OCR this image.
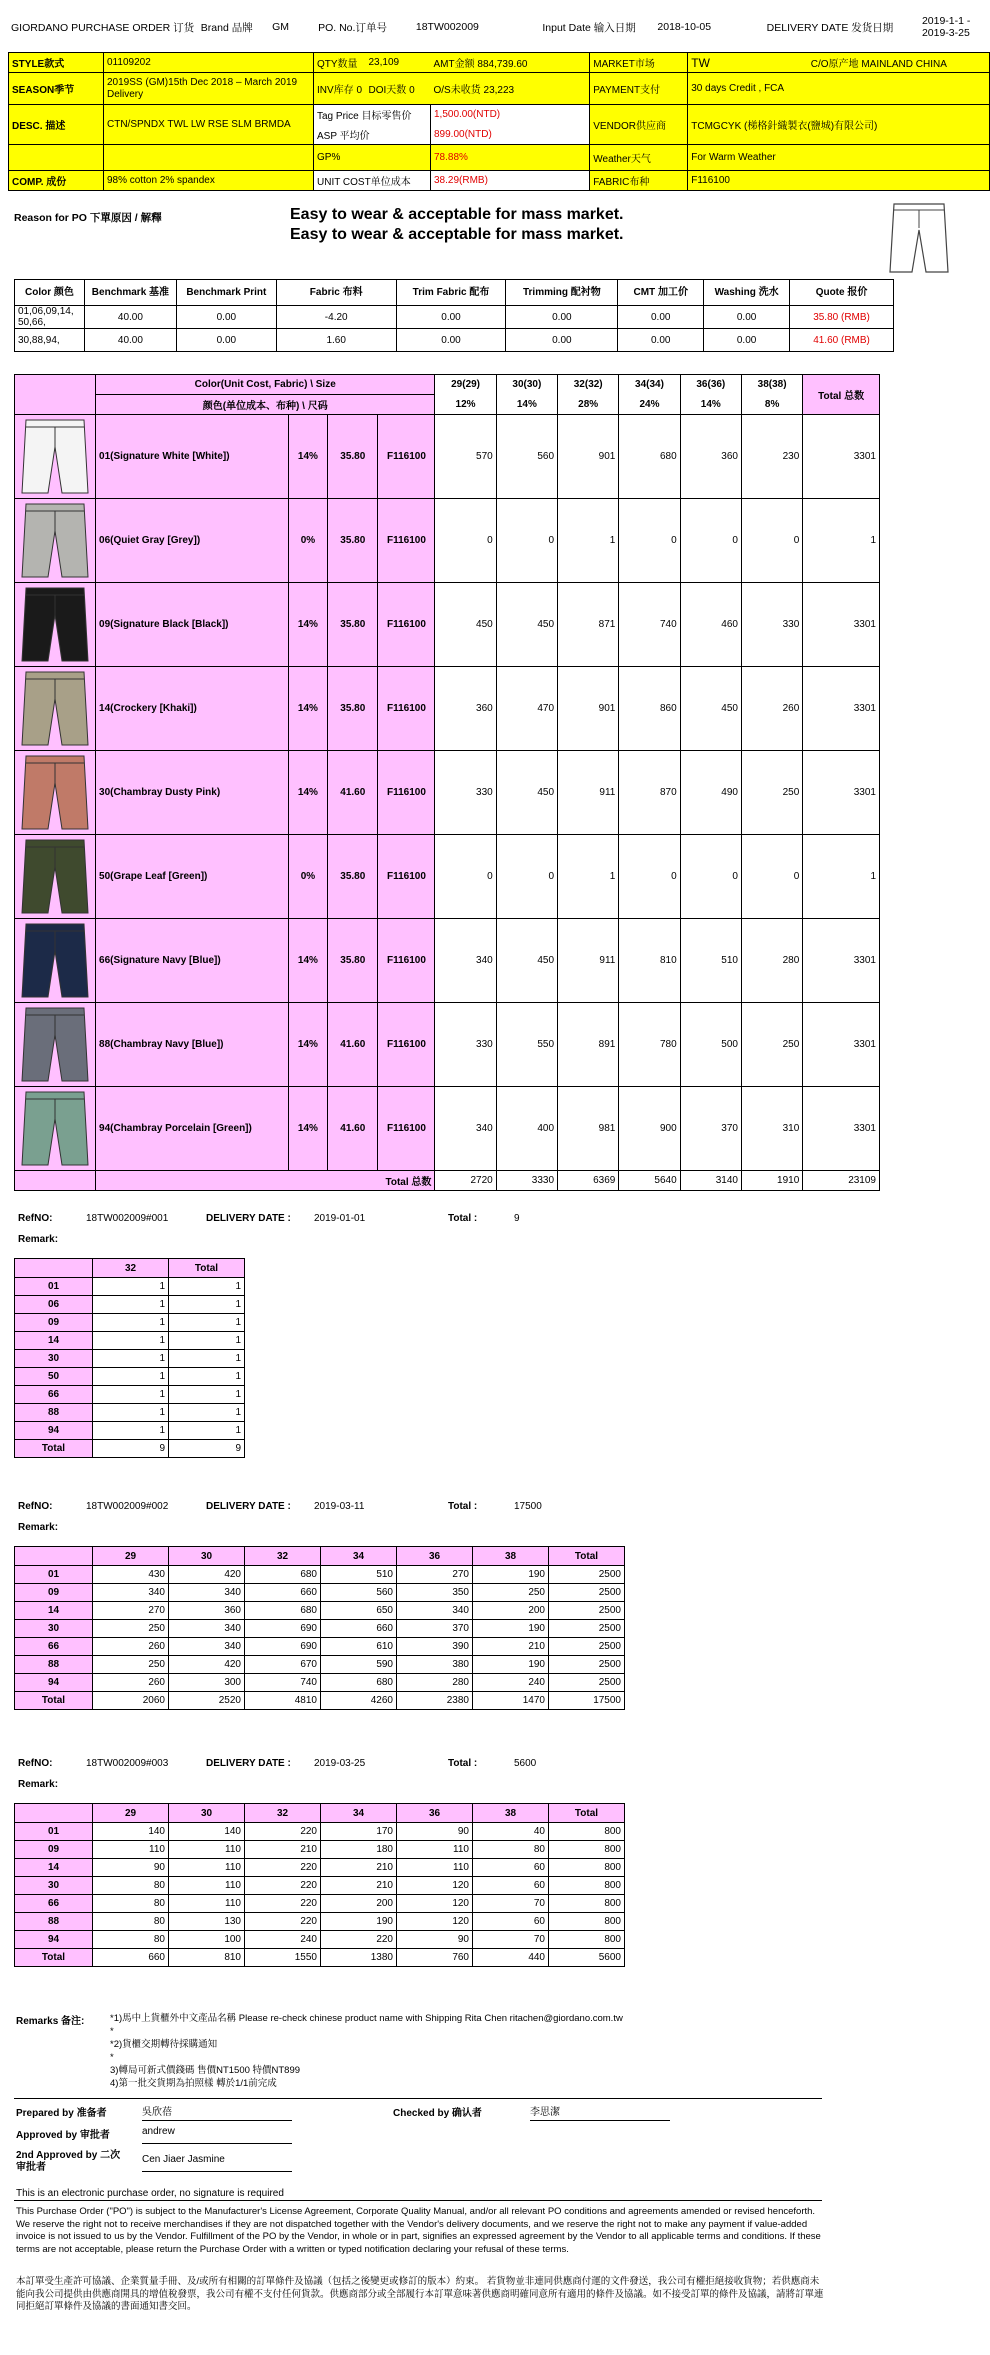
GIORDANO PURCHASE ORDER 订货	Brand 品牌	GM	PO. No.订单号	18TW002009	Input Date 输入日期	2018-10-05	DELIVERY DATE 发货日期	2019-1-1 - 2019-3-25
STYLE款式	01109202	QTY数量	23,109	AMT金额 884,739.60	MARKET市场	TW	C/O原产地 MAINLAND CHINA
SEASON季节	2019SS (GM)15th Dec 2018 – March 2019 Delivery	INV库存 0	DOI天数 0	O/S未收货 23,223	PAYMENT支付	30 days Credit , FCA	
DESC. 描述	CTN/SPNDX TWL LW RSE SLM BRMDA	Tag Price 目标零售价		1,500.00(NTD)	VENDOR供应商	TCMGCYK (梯格針織製衣(鹽城)有限公司)	
		ASP 平均价		899.00(NTD)			
		GP%		78.88%	Weather天气	For Warm Weather	
COMP. 成份	98% cotton 2% spandex	UNIT COST单位成本		38.29(RMB)	FABRIC布种	F116100	
Reason for PO 下單原因 / 解釋	Easy to wear & acceptable for mass market.
Easy to wear & acceptable for mass market.
Color 颜色	Benchmark 基准	Benchmark Print	Fabric 布料	Trim Fabric 配布	Trimming 配衬物	CMT 加工价	Washing 洗水	Quote 报价
01,06,09,14, 50,66,	40.00	0.00	-4.20	0.00	0.00	0.00	0.00	35.80 (RMB)
30,88,94,	40.00	0.00	1.60	0.00	0.00	0.00	0.00	41.60 (RMB)
	Color(Unit Cost, Fabric) \ Size				29(29)	30(30)	32(32)	34(34)	36(36)	38(38)	Total 总数
	颜色(单位成本、布种) \ 尺码				12%	14%	28%	24%	14%	8%	

	01(Signature White [White])	14%	35.80	F116100	570	560	901	680	360	230	3301

	06(Quiet Gray [Grey])	0%	35.80	F116100	0	0	1	0	0	0	1

	09(Signature Black [Black])	14%	35.80	F116100	450	450	871	740	460	330	3301

	14(Crockery [Khaki])	14%	35.80	F116100	360	470	901	860	450	260	3301

	30(Chambray Dusty Pink)	14%	41.60	F116100	330	450	911	870	490	250	3301

	50(Grape Leaf [Green])	0%	35.80	F116100	0	0	1	0	0	0	1

	66(Signature Navy [Blue])	14%	35.80	F116100	340	450	911	810	510	280	3301

	88(Chambray Navy [Blue])	14%	41.60	F116100	330	550	891	780	500	250	3301

	94(Chambray Porcelain [Green])	14%	41.60	F116100	340	400	981	900	370	310	3301
	Total 总数				2720	3330	6369	5640	3140	1910	23109
RefNO:	18TW002009#001	DELIVERY DATE : 2019-01-01	Total :	9
Remark:
	32	Total
01	1	1
06	1	1
09	1	1
14	1	1
30	1	1
50	1	1
66	1	1
88	1	1
94	1	1
Total	9	9
RefNO:	18TW002009#002	DELIVERY DATE : 2019-03-11	Total :	17500
Remark:
	29	30	32	34	36	38	Total
01	430	420	680	510	270	190	2500
09	340	340	660	560	350	250	2500
14	270	360	680	650	340	200	2500
30	250	340	690	660	370	190	2500
66	260	340	690	610	390	210	2500
88	250	420	670	590	380	190	2500
94	260	300	740	680	280	240	2500
Total	2060	2520	4810	4260	2380	1470	17500
RefNO:	18TW002009#003	DELIVERY DATE : 2019-03-25	Total :	5600
Remark:
	29	30	32	34	36	38	Total
01	140	140	220	170	90	40	800
09	110	110	210	180	110	80	800
14	90	110	220	210	110	60	800
30	80	110	220	210	120	60	800
66	80	110	220	200	120	70	800
88	80	130	220	190	120	60	800
94	80	100	240	220	90	70	800
Total	660	810	1550	1380	760	440	5600
Remarks 备注:	*1)馬中上貨櫃外中文產品名稱 Please re-check chinese product name with Shipping Rita Chen ritachen@giordano.com.tw
*
*2)貨櫃交期轉待採購通知
*
3)轉局可新式價錢碼 售價NT1500 特價NT899
4)第一批交貨期為拍照樣 轉於1/1前完成
Prepared by 准备者	吳欣蓓	Checked by 确认者	李思潔
Approved by 审批者	andrew
2nd Approved by 二次审批者
Cen Jiaer Jasmine
This is an electronic purchase order, no signature is required
This Purchase Order ("PO") is subject to the Manufacturer's License Agreement, Corporate Quality Manual, and/or all relevant PO conditions and agreements amended or revised henceforth. We reserve the right not to receive merchandises if they are not dispatched together with the Vendor's delivery documents, and we reserve the right not to make any payment if value-added invoice is not issued to us by the Vendor. Fulfillment of the PO by the Vendor, in whole or in part, signifies an expressed agreement by the Vendor to all applicable terms and conditions. If these terms are not acceptable, please return the Purchase Order with a written or typed notification declaring your refusal of these terms.
本訂單受生產許可協議、企業質量手冊、及/或所有相關的訂單條件及協議（包括之後變更或修訂的版本）約束。 若貨物並非連同供應商付運的文件發送，我公司有權拒絕接收貨物；若供應商未能向我公司提供由供應商開具的增值稅發票，我公司有權不支付任何貨款。供應商部分或全部履行本訂單意味著供應商明確同意所有適用的條件及協議。如不接受訂單的條件及協議，請將訂單連同拒絕訂單條件及協議的書面通知書交回。
